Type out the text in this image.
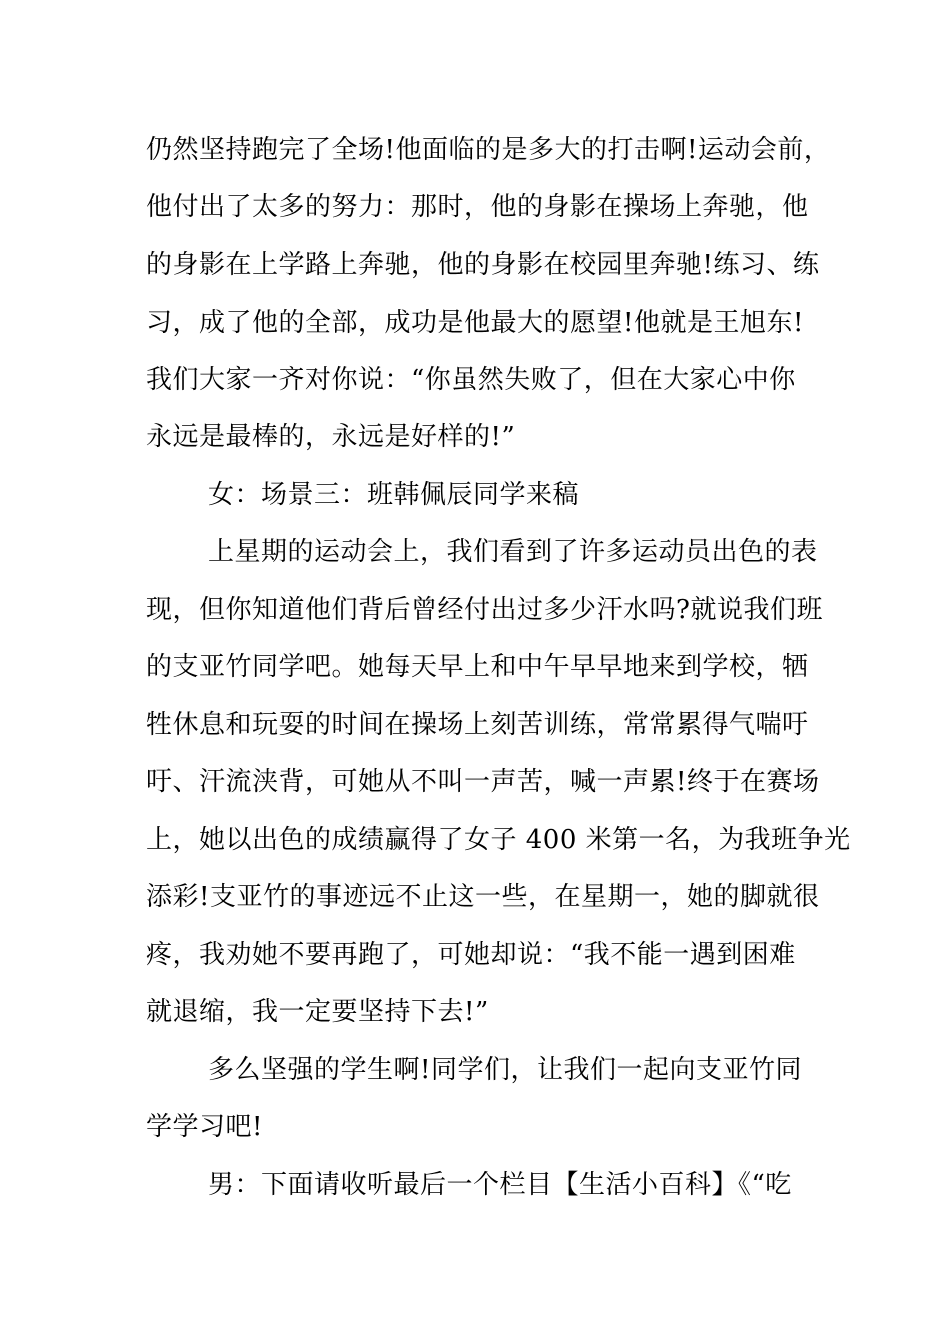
仍然坚持跑完了全场!他面临的是多大的打击啊!运动会前，
他付出了太多的努力：那时，他的身影在操场上奔驰，他
的身影在上学路上奔驰，他的身影在校园里奔驰!练习、练
习，成了他的全部，成功是他最大的愿望!他就是王旭东!
我们大家一齐对你说：“你虽然失败了，但在大家心中你
永远是最棒的，永远是好样的!”
女：场景三：班韩佩辰同学来稿
上星期的运动会上，我们看到了许多运动员出色的表
现，但你知道他们背后曾经付出过多少汗水吗?就说我们班
的支亚竹同学吧。她每天早上和中午早早地来到学校，牺
牲休息和玩耍的时间在操场上刻苦训练，常常累得气喘吁
吁、汗流浃背，可她从不叫一声苦，喊一声累!终于在赛场
上，她以出色的成绩赢得了女子 400 米第一名，为我班争光
添彩!支亚竹的事迹远不止这一些，在星期一，她的脚就很
疼，我劝她不要再跑了，可她却说：“我不能一遇到困难
就退缩，我一定要坚持下去!”
多么坚强的学生啊!同学们，让我们一起向支亚竹同
学学习吧!
男：下面请收听最后一个栏目【生活小百科】《“吃
